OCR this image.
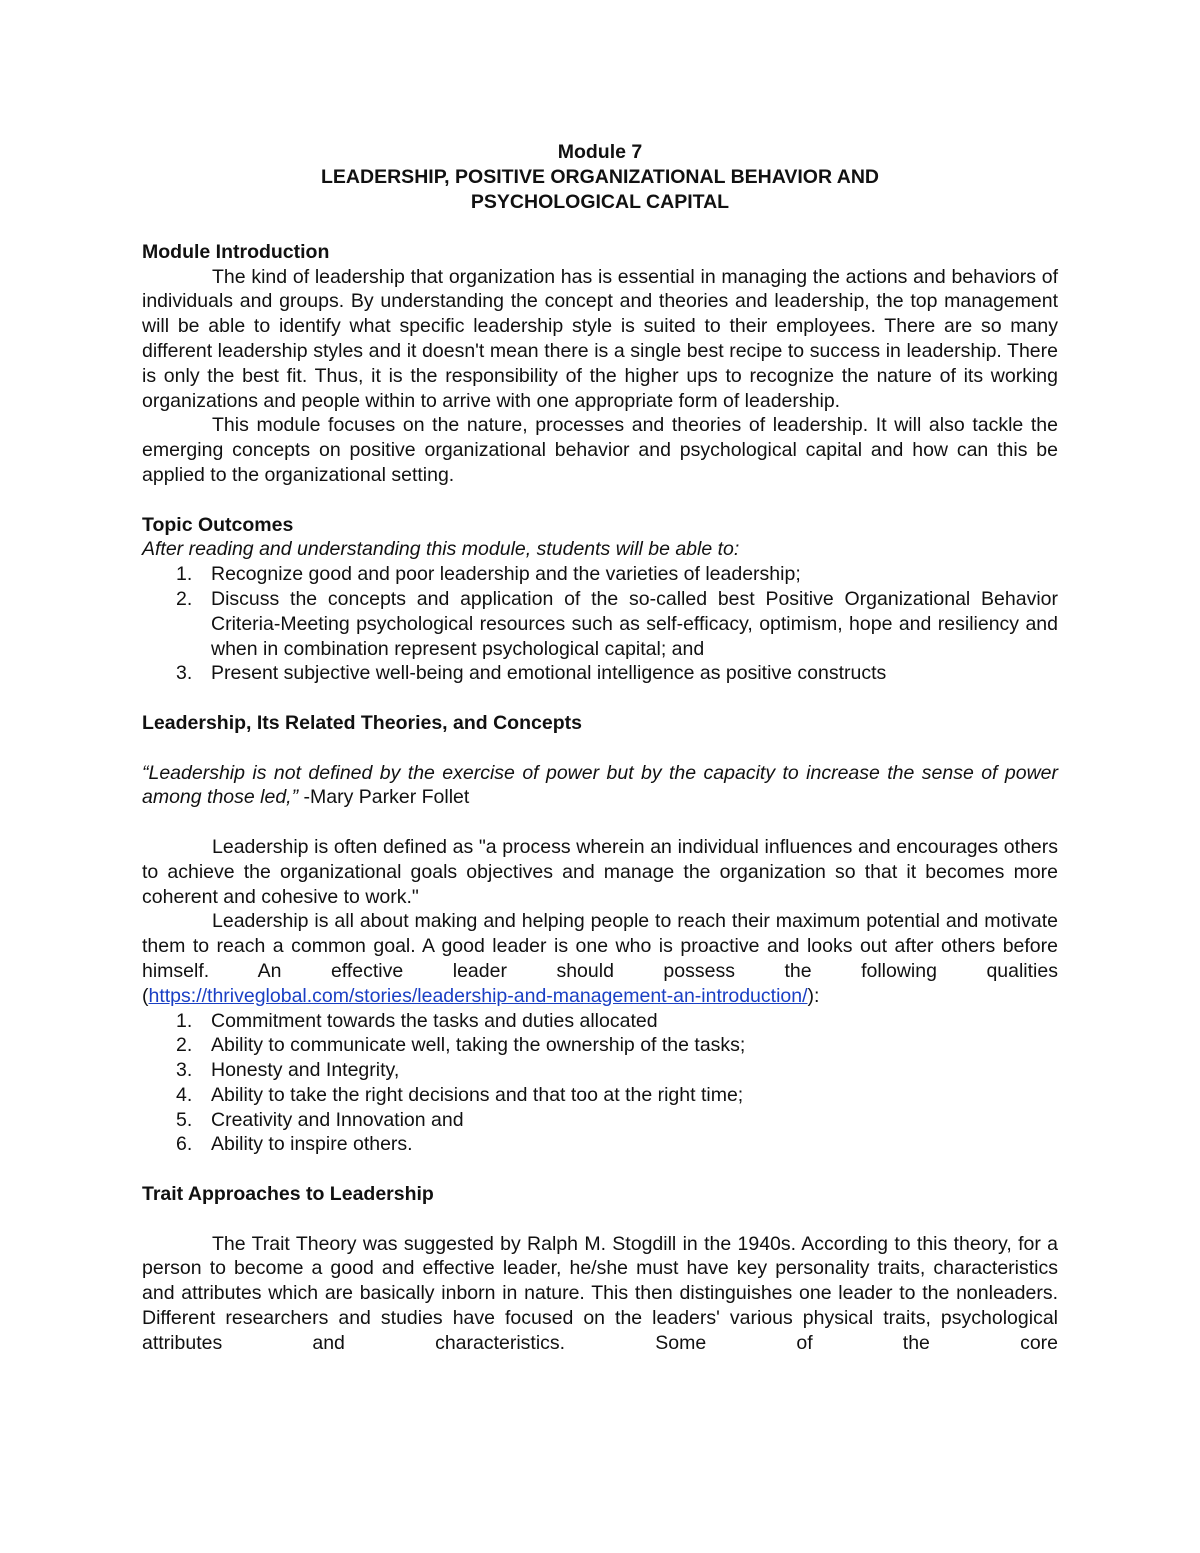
Module 7
LEADERSHIP, POSITIVE ORGANIZATIONAL BEHAVIOR AND
PSYCHOLOGICAL CAPITAL
Module Introduction

The kind of leadership that organization has is essential in managing the actions and behaviors of individuals and groups. By understanding the concept and theories and leadership, the top management will be able to identify what specific leadership style is suited to their employees. There are so many different leadership styles and it doesn't mean there is a single best recipe to success in leadership. There is only the best fit. Thus, it is the responsibility of the higher ups to recognize the nature of its working organizations and people within to arrive with one appropriate form of leadership.

This module focuses on the nature, processes and theories of leadership. It will also tackle the emerging concepts on positive organizational behavior and psychological capital and how can this be applied to the organizational setting.

Topic Outcomes

After reading and understanding this module, students will be able to:

1. Recognize good and poor leadership and the varieties of leadership;
2. Discuss the concepts and application of the so-called best Positive Organizational Behavior Criteria-Meeting psychological resources such as self-efficacy, optimism, hope and resiliency and when in combination represent psychological capital; and
3. Present subjective well-being and emotional intelligence as positive constructs
Leadership, Its Related Theories, and Concepts

“Leadership is not defined by the exercise of power but by the capacity to increase the sense of power among those led,” -Mary Parker Follet

Leadership is often defined as "a process wherein an individual influences and encourages others to achieve the organizational goals objectives and manage the organization so that it becomes more coherent and cohesive to work."

Leadership is all about making and helping people to reach their maximum potential and motivate them to reach a common goal. A good leader is one who is proactive and looks out after others before himself. An effective leader should possess the following qualities (https://thriveglobal.com/stories/leadership-and-management-an-introduction/):

1. Commitment towards the tasks and duties allocated
2. Ability to communicate well, taking the ownership of the tasks;
3. Honesty and Integrity,
4. Ability to take the right decisions and that too at the right time;
5. Creativity and Innovation and
6. Ability to inspire others.
Trait Approaches to Leadership

The Trait Theory was suggested by Ralph M. Stogdill in the 1940s. According to this theory, for a person to become a good and effective leader, he/she must have key personality traits, characteristics and attributes which are basically inborn in nature. This then distinguishes one leader to the nonleaders. Different researchers and studies have focused on the leaders' various physical traits, psychological attributes and characteristics. Some of the core
